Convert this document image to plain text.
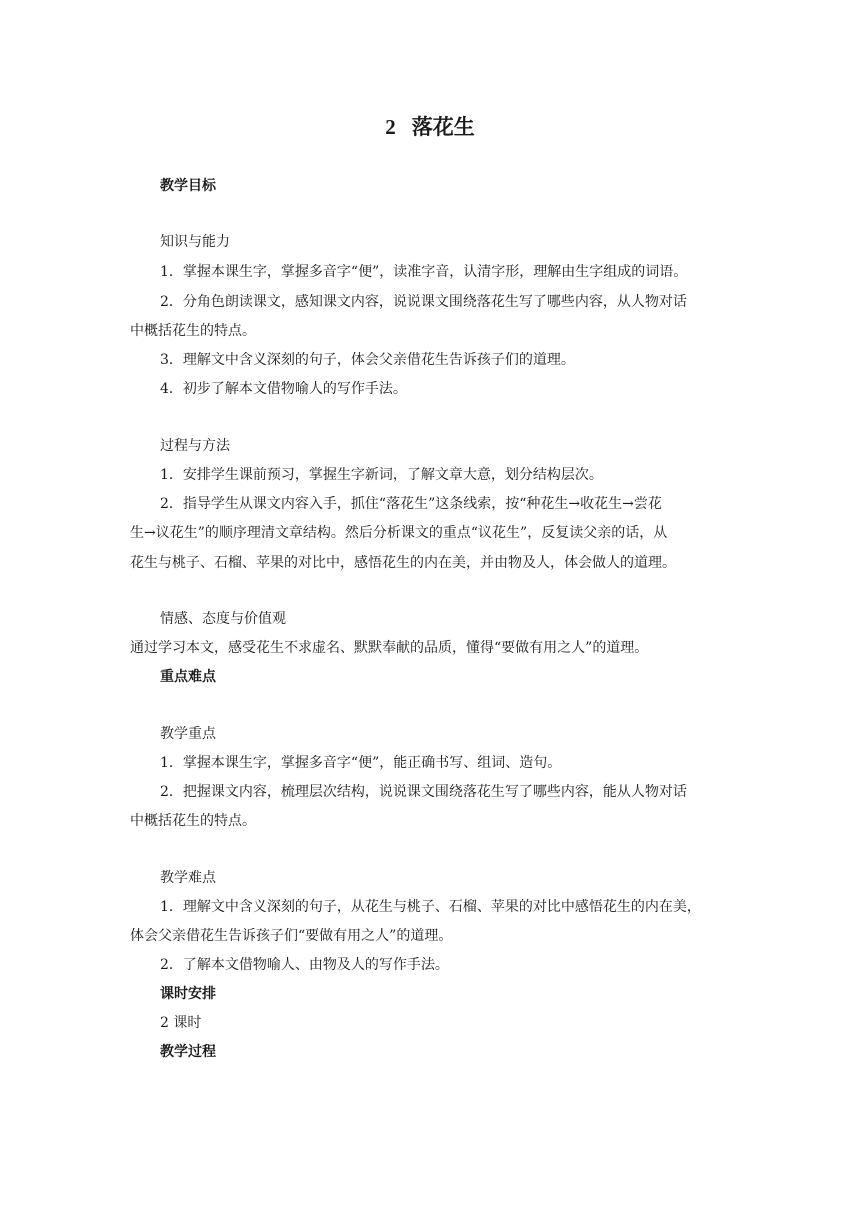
2 落花生
教学目标
知识与能力
1．掌握本课生字，掌握多音字“便”，读准字音，认清字形，理解由生字组成的词语。
2．分角色朗读课文，感知课文内容，说说课文围绕落花生写了哪些内容，从人物对话
中概括花生的特点。
3．理解文中含义深刻的句子，体会父亲借花生告诉孩子们的道理。
4．初步了解本文借物喻人的写作手法。
过程与方法
1．安排学生课前预习，掌握生字新词，了解文章大意，划分结构层次。
2．指导学生从课文内容入手，抓住“落花生”这条线索，按“种花生→收花生→尝花
生→议花生”的顺序理清文章结构。然后分析课文的重点“议花生”，反复读父亲的话，从
花生与桃子、石榴、苹果的对比中，感悟花生的内在美，并由物及人，体会做人的道理。
情感、态度与价值观
通过学习本文，感受花生不求虚名、默默奉献的品质，懂得“要做有用之人”的道理。
重点难点
教学重点
1．掌握本课生字，掌握多音字“便”，能正确书写、组词、造句。
2．把握课文内容，梳理层次结构，说说课文围绕落花生写了哪些内容，能从人物对话
中概括花生的特点。
教学难点
1．理解文中含义深刻的句子，从花生与桃子、石榴、苹果的对比中感悟花生的内在美，
体会父亲借花生告诉孩子们“要做有用之人”的道理。
2．了解本文借物喻人、由物及人的写作手法。
课时安排
2 课时
教学过程
